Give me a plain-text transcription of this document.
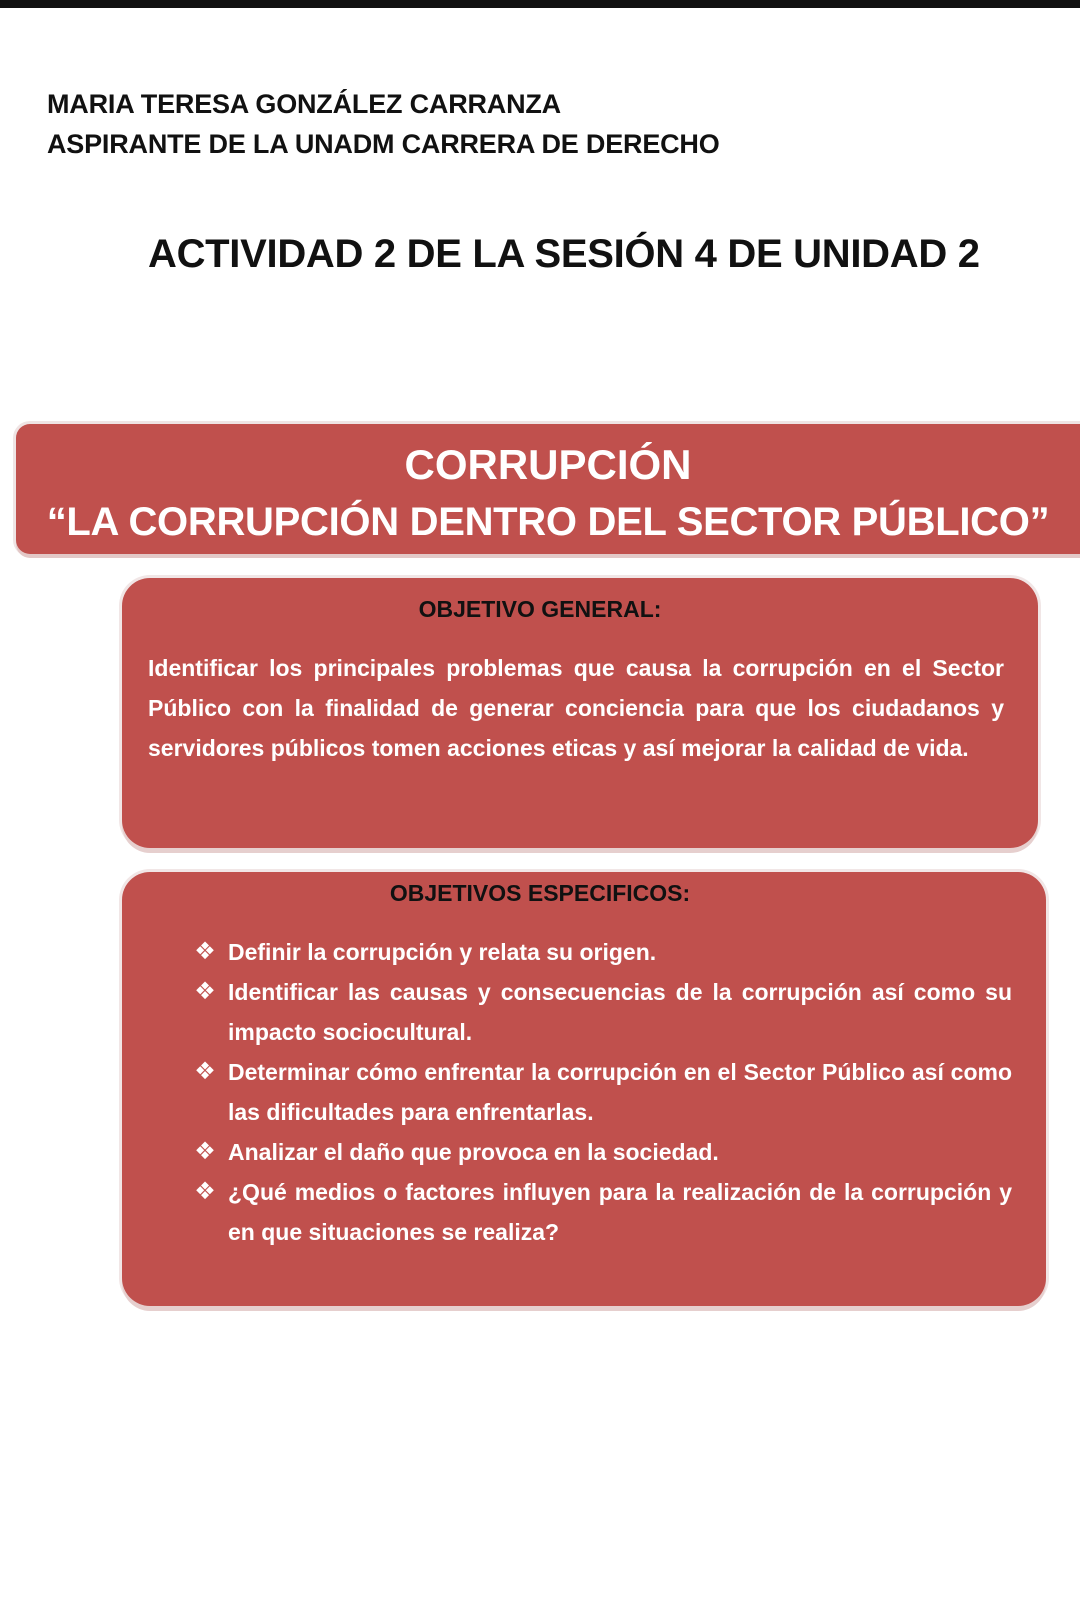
MARIA TERESA GONZÁLEZ CARRANZA
ASPIRANTE DE LA UNADM CARRERA DE DERECHO
ACTIVIDAD 2 DE LA SESIÓN 4 DE UNIDAD 2
CORRUPCIÓN
“LA CORRUPCIÓN DENTRO DEL SECTOR PÚBLICO”
OBJETIVO GENERAL:
Identificar los principales problemas que causa la corrupción en el Sector Público con la finalidad de generar conciencia para que los ciudadanos y servidores públicos tomen acciones eticas y así mejorar la calidad de vida.
OBJETIVOS ESPECIFICOS:
❖ Definir la corrupción y relata su origen.
❖ Identificar las causas y consecuencias de la corrupción así como su impacto sociocultural.
❖ Determinar cómo enfrentar la corrupción en el Sector Público así como las dificultades para enfrentarlas.
❖ Analizar el daño que provoca en la sociedad.
❖ ¿Qué medios o factores influyen para la realización de la corrupción y en que situaciones se realiza?
